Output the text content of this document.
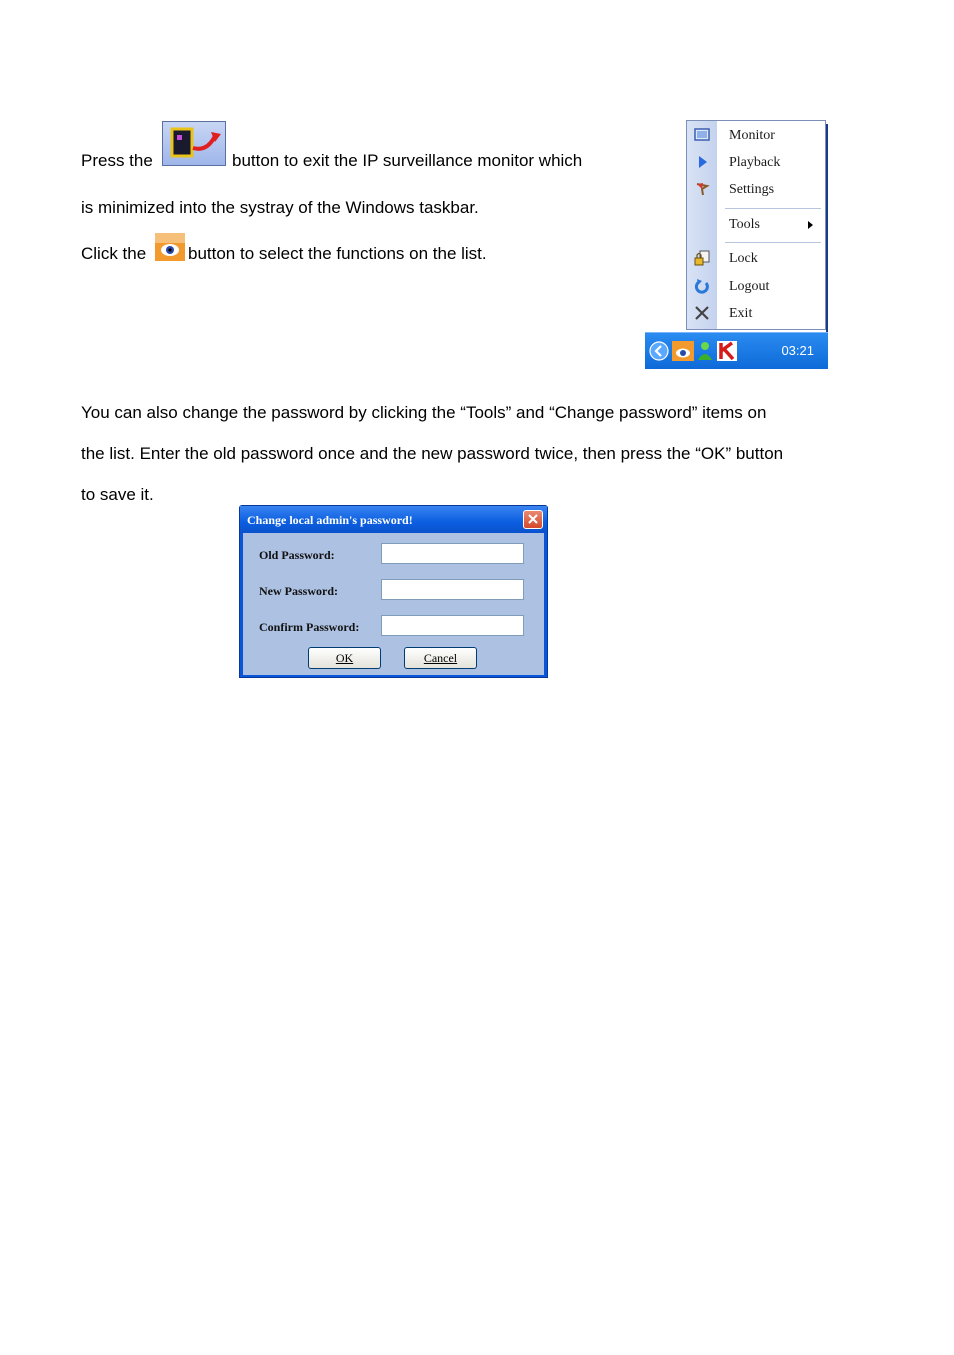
Press the	button to exit the IP surveillance monitor which
is minimized into the systray of the Windows taskbar.
Click the button to select the functions on the list.
Monitor
Playback
Settings
Tools
Lock
Logout
Exit
03:21
You can also change the password by clicking the “Tools” and “Change password” items on
the list. Enter the old password once and the new password twice, then press the “OK” button
to save it.
Change local admin's password!
Old Password:
New Password:
Confirm Password:
OK	Cancel
